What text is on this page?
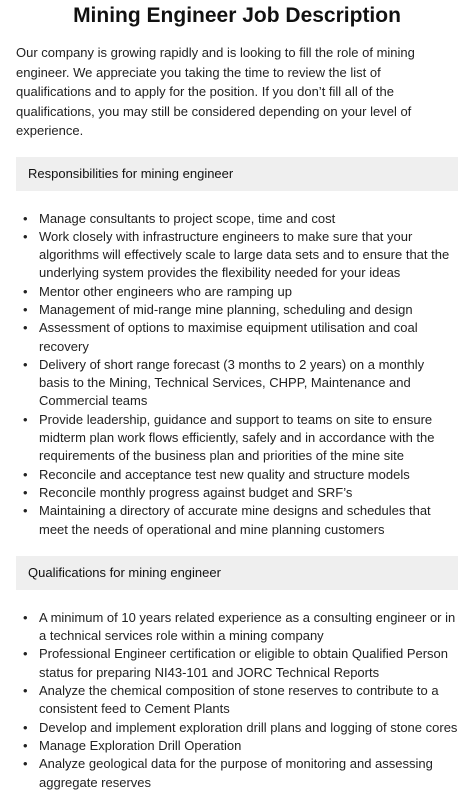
Mining Engineer Job Description

Our company is growing rapidly and is looking to fill the role of mining engineer. We appreciate you taking the time to review the list of qualifications and to apply for the position. If you don’t fill all of the qualifications, you may still be considered depending on your level of experience.

Responsibilities for mining engineer
• Manage consultants to project scope, time and cost
• Work closely with infrastructure engineers to make sure that your algorithms will effectively scale to large data sets and to ensure that the underlying system provides the flexibility needed for your ideas
• Mentor other engineers who are ramping up
• Management of mid-range mine planning, scheduling and design
• Assessment of options to maximise equipment utilisation and coal recovery
• Delivery of short range forecast (3 months to 2 years) on a monthly basis to the Mining, Technical Services, CHPP, Maintenance and Commercial teams
• Provide leadership, guidance and support to teams on site to ensure midterm plan work flows efficiently, safely and in accordance with the requirements of the business plan and priorities of the mine site
• Reconcile and acceptance test new quality and structure models
• Reconcile monthly progress against budget and SRF’s
• Maintaining a directory of accurate mine designs and schedules that meet the needs of operational and mine planning customers
Qualifications for mining engineer
• A minimum of 10 years related experience as a consulting engineer or in a technical services role within a mining company
• Professional Engineer certification or eligible to obtain Qualified Person status for preparing NI43-101 and JORC Technical Reports
• Analyze the chemical composition of stone reserves to contribute to a consistent feed to Cement Plants
• Develop and implement exploration drill plans and logging of stone cores
• Manage Exploration Drill Operation
• Analyze geological data for the purpose of monitoring and assessing aggregate reserves
